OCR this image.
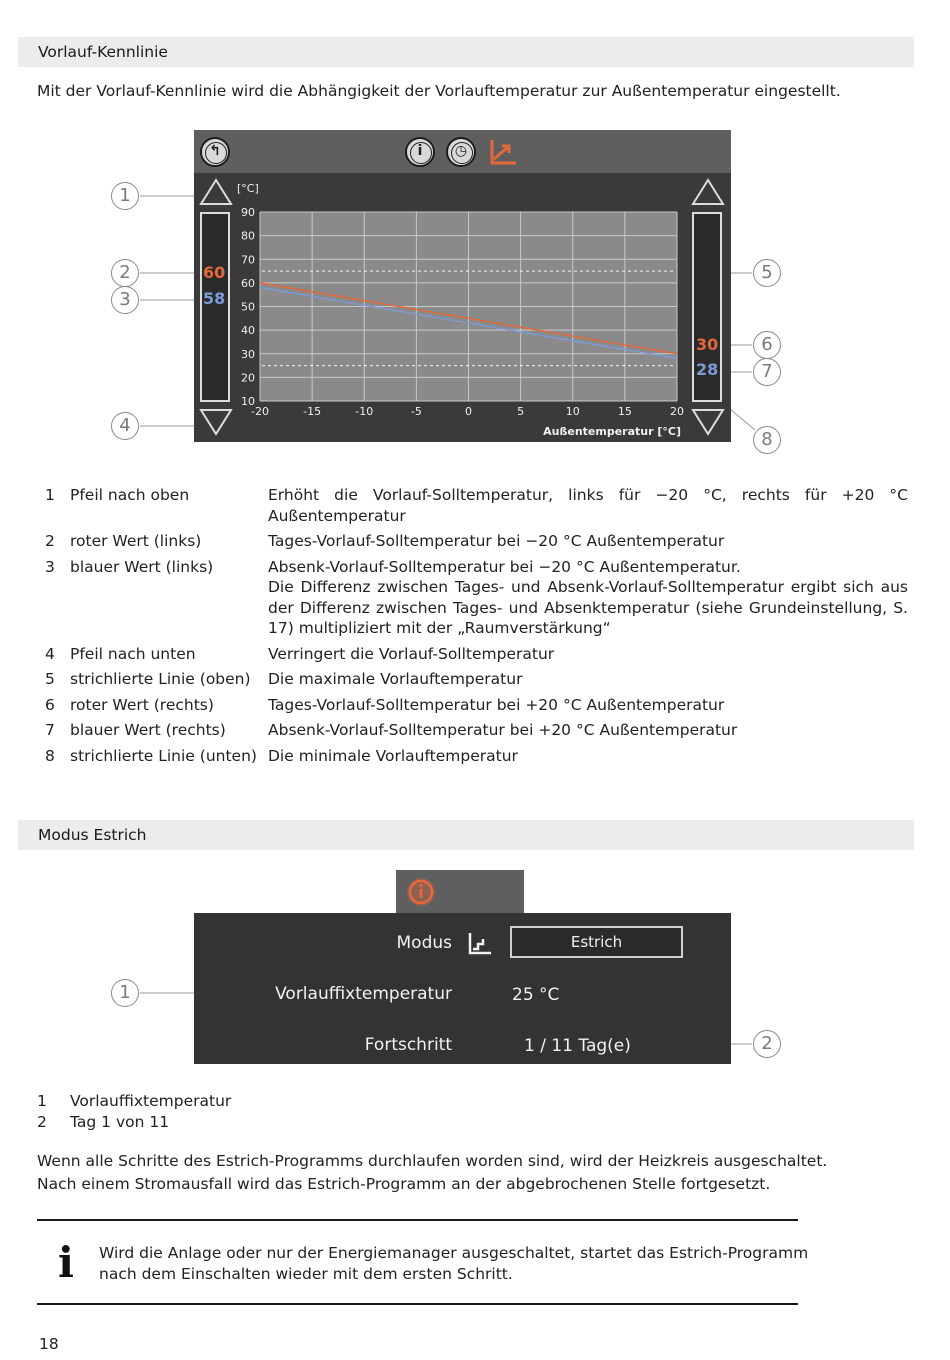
Vorlauf-Kennlinie
Mit der Vorlauf-Kennlinie wird die Abhängigkeit der Vorlauftemperatur zur Außentemperatur eingestellt.
↰	i	◷
60
58
30
28
-20	-15	-10	-5	0	5	10	15	20
10
20
30
40
50
60
70
80
90
[°C]
Außentemperatur [°C]
1
2
3
4
5
6
7
8
1	Pfeil nach oben	Erhöht die Vorlauf-Solltemperatur, links für −20 °C, rechts für +20 °C Außentemperatur
2	roter Wert (links)	Tages-Vorlauf-Solltemperatur bei −20 °C Außentemperatur
3	blauer Wert (links)	Absenk-Vorlauf-Solltemperatur bei −20 °C Außentemperatur.
Die Differenz zwischen Tages- und Absenk-Vorlauf-Solltemperatur ergibt sich aus der Differenz zwischen Tages- und Absenktemperatur (siehe Grundeinstellung, S. 17) multipliziert mit der „Raumverstärkung“

4	Pfeil nach unten	Verringert die Vorlauf-Solltemperatur
5	strichlierte Linie (oben)	Die maximale Vorlauftemperatur
6	roter Wert (rechts)	Tages-Vorlauf-Solltemperatur bei +20 °C Außentemperatur
7	blauer Wert (rechts)	Absenk-Vorlauf-Solltemperatur bei +20 °C Außentemperatur
8	strichlierte Linie (unten)	Die minimale Vorlauftemperatur
Modus Estrich
Modus	Estrich
Vorlauffixtemperatur	25 °C
Fortschritt	1 / 11 Tag(e)
1
2
1 Vorlauffixtemperatur
2 Tag 1 von 11
Wenn alle Schritte des Estrich-Programms durchlaufen worden sind, wird der Heizkreis ausgeschaltet.
Nach einem Stromausfall wird das Estrich-Programm an der abgebrochenen Stelle fortgesetzt.
i Wird die Anlage oder nur der Energiemanager ausgeschaltet, startet das Estrich-Programm
nach dem Einschalten wieder mit dem ersten Schritt.
18
